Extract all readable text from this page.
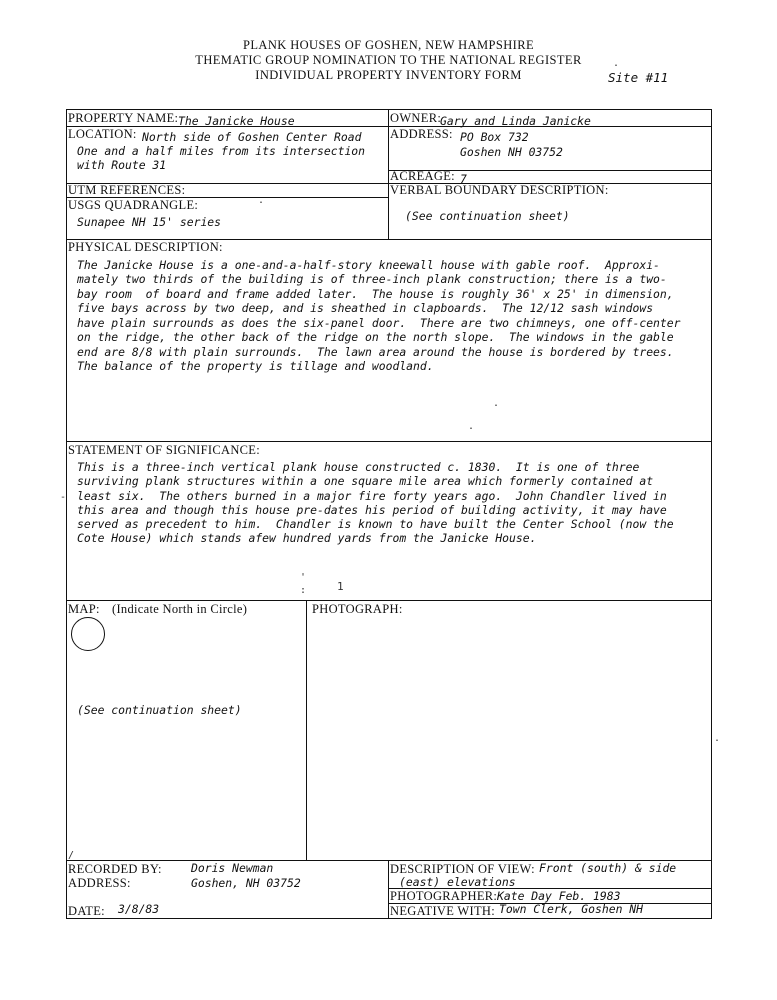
PLANK HOUSES OF GOSHEN, NEW HAMPSHIRE
THEMATIC GROUP NOMINATION TO THE NATIONAL REGISTER
INDIVIDUAL PROPERTY INVENTORY FORM	Site #11
PROPERTY NAME: The Janicke House	OWNER:
Gary and Linda Janicke
LOCATION: North side of Goshen Center Road
One and a half miles from its intersection
with Route 31
ADDRESS: PO Box 732
Goshen NH 03752
ACREAGE: 7
UTM REFERENCES:	VERBAL BOUNDARY DESCRIPTION:
(See continuation sheet)
USGS QUADRANGLE:
Sunapee NH 15' series
PHYSICAL DESCRIPTION:
The Janicke House is a one-and-a-half-story kneewall house with gable roof.  Approxi-
mately two thirds of the building is of three-inch plank construction; there is a two-
bay room  of board and frame added later.  The house is roughly 36' x 25' in dimension,
five bays across by two deep, and is sheathed in clapboards.  The 12/12 sash windows
have plain surrounds as does the six-panel door.  There are two chimneys, one off-center
on the ridge, the other back of the ridge on the north slope.  The windows in the gable
end are 8/8 with plain surrounds.  The lawn area around the house is bordered by trees.
The balance of the property is tillage and woodland.
STATEMENT OF SIGNIFICANCE:
This is a three-inch vertical plank house constructed c. 1830.  It is one of three
surviving plank structures within a one square mile area which formerly contained at
least six.  The others burned in a major fire forty years ago.  John Chandler lived in
this area and though this house pre-dates his period of building activity, it may have
served as precedent to him.  Chandler is known to have built the Center School (now the
Cote House) which stands afew hundred yards from the Janicke House.
MAP: (Indicate North in Circle)
(See continuation sheet)
PHOTOGRAPH:
RECORDED BY:	Doris Newman
ADDRESS:	Goshen, NH 03752
DATE: 3/8/83
DESCRIPTION OF VIEW: Front (south) & side
(east) elevations
PHOTOGRAPHER: Kate Day Feb. 1983
NEGATIVE WITH: Town Clerk, Goshen NH
.
.
.
.
'
:	1
-
.
/
